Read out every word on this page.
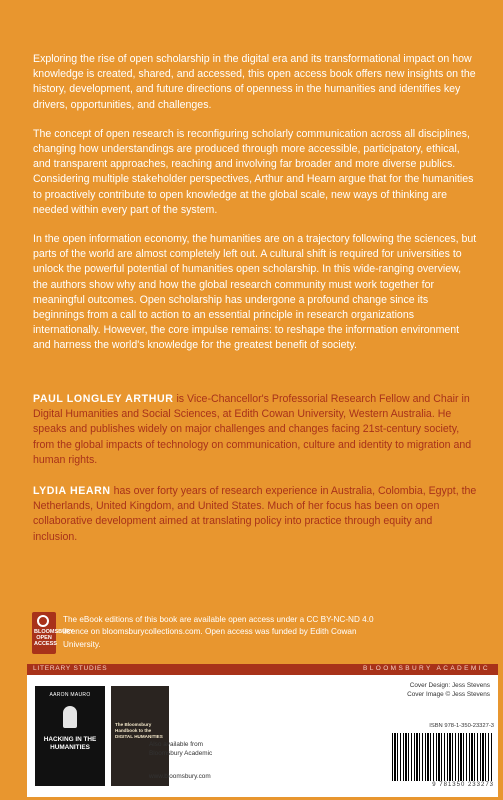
Exploring the rise of open scholarship in the digital era and its transformational impact on how knowledge is created, shared, and accessed, this open access book offers new insights on the history, development, and future directions of openness in the humanities and identifies key drivers, opportunities, and challenges.

The concept of open research is reconfiguring scholarly communication across all disciplines, changing how understandings are produced through more accessible, participatory, ethical, and transparent approaches, reaching and involving far broader and more diverse publics. Considering multiple stakeholder perspectives, Arthur and Hearn argue that for the humanities to proactively contribute to open knowledge at the global scale, new ways of thinking are needed within every part of the system.

In the open information economy, the humanities are on a trajectory following the sciences, but parts of the world are almost completely left out. A cultural shift is required for universities to unlock the powerful potential of humanities open scholarship. In this wide-ranging overview, the authors show why and how the global research community must work together for meaningful outcomes. Open scholarship has undergone a profound change since its beginnings from a call to action to an essential principle in research organizations internationally. However, the core impulse remains: to reshape the information environment and harness the world's knowledge for the greatest benefit of society.

PAUL LONGLEY ARTHUR is Vice-Chancellor's Professorial Research Fellow and Chair in Digital Humanities and Social Sciences, at Edith Cowan University, Western Australia. He speaks and publishes widely on major challenges and changes facing 21st-century society, from the global impacts of technology on communication, culture and identity to migration and human rights.
LYDIA HEARN has over forty years of research experience in Australia, Colombia, Egypt, the Netherlands, United Kingdom, and United States. Much of her focus has been on open collaborative development aimed at translating policy into practice through equity and inclusion.
BLOOMSBURY OPEN ACCESS
The eBook editions of this book are available open access under a CC BY-NC-ND 4.0 licence on bloomsburycollections.com. Open access was funded by Edith Cowan University.
LITERARY STUDIES	BLOOMSBURY ACADEMIC
AARON MAURO
HACKING IN THE HUMANITIES
The Bloomsbury Handbook to the DIGITAL HUMANITIES
Also available from
Bloomsbury Academic
www.bloomsbury.com
Cover Design: Jess Stevens
Cover Image © Jess Stevens
ISBN 978-1-350-23327-3
9 781350 233273
